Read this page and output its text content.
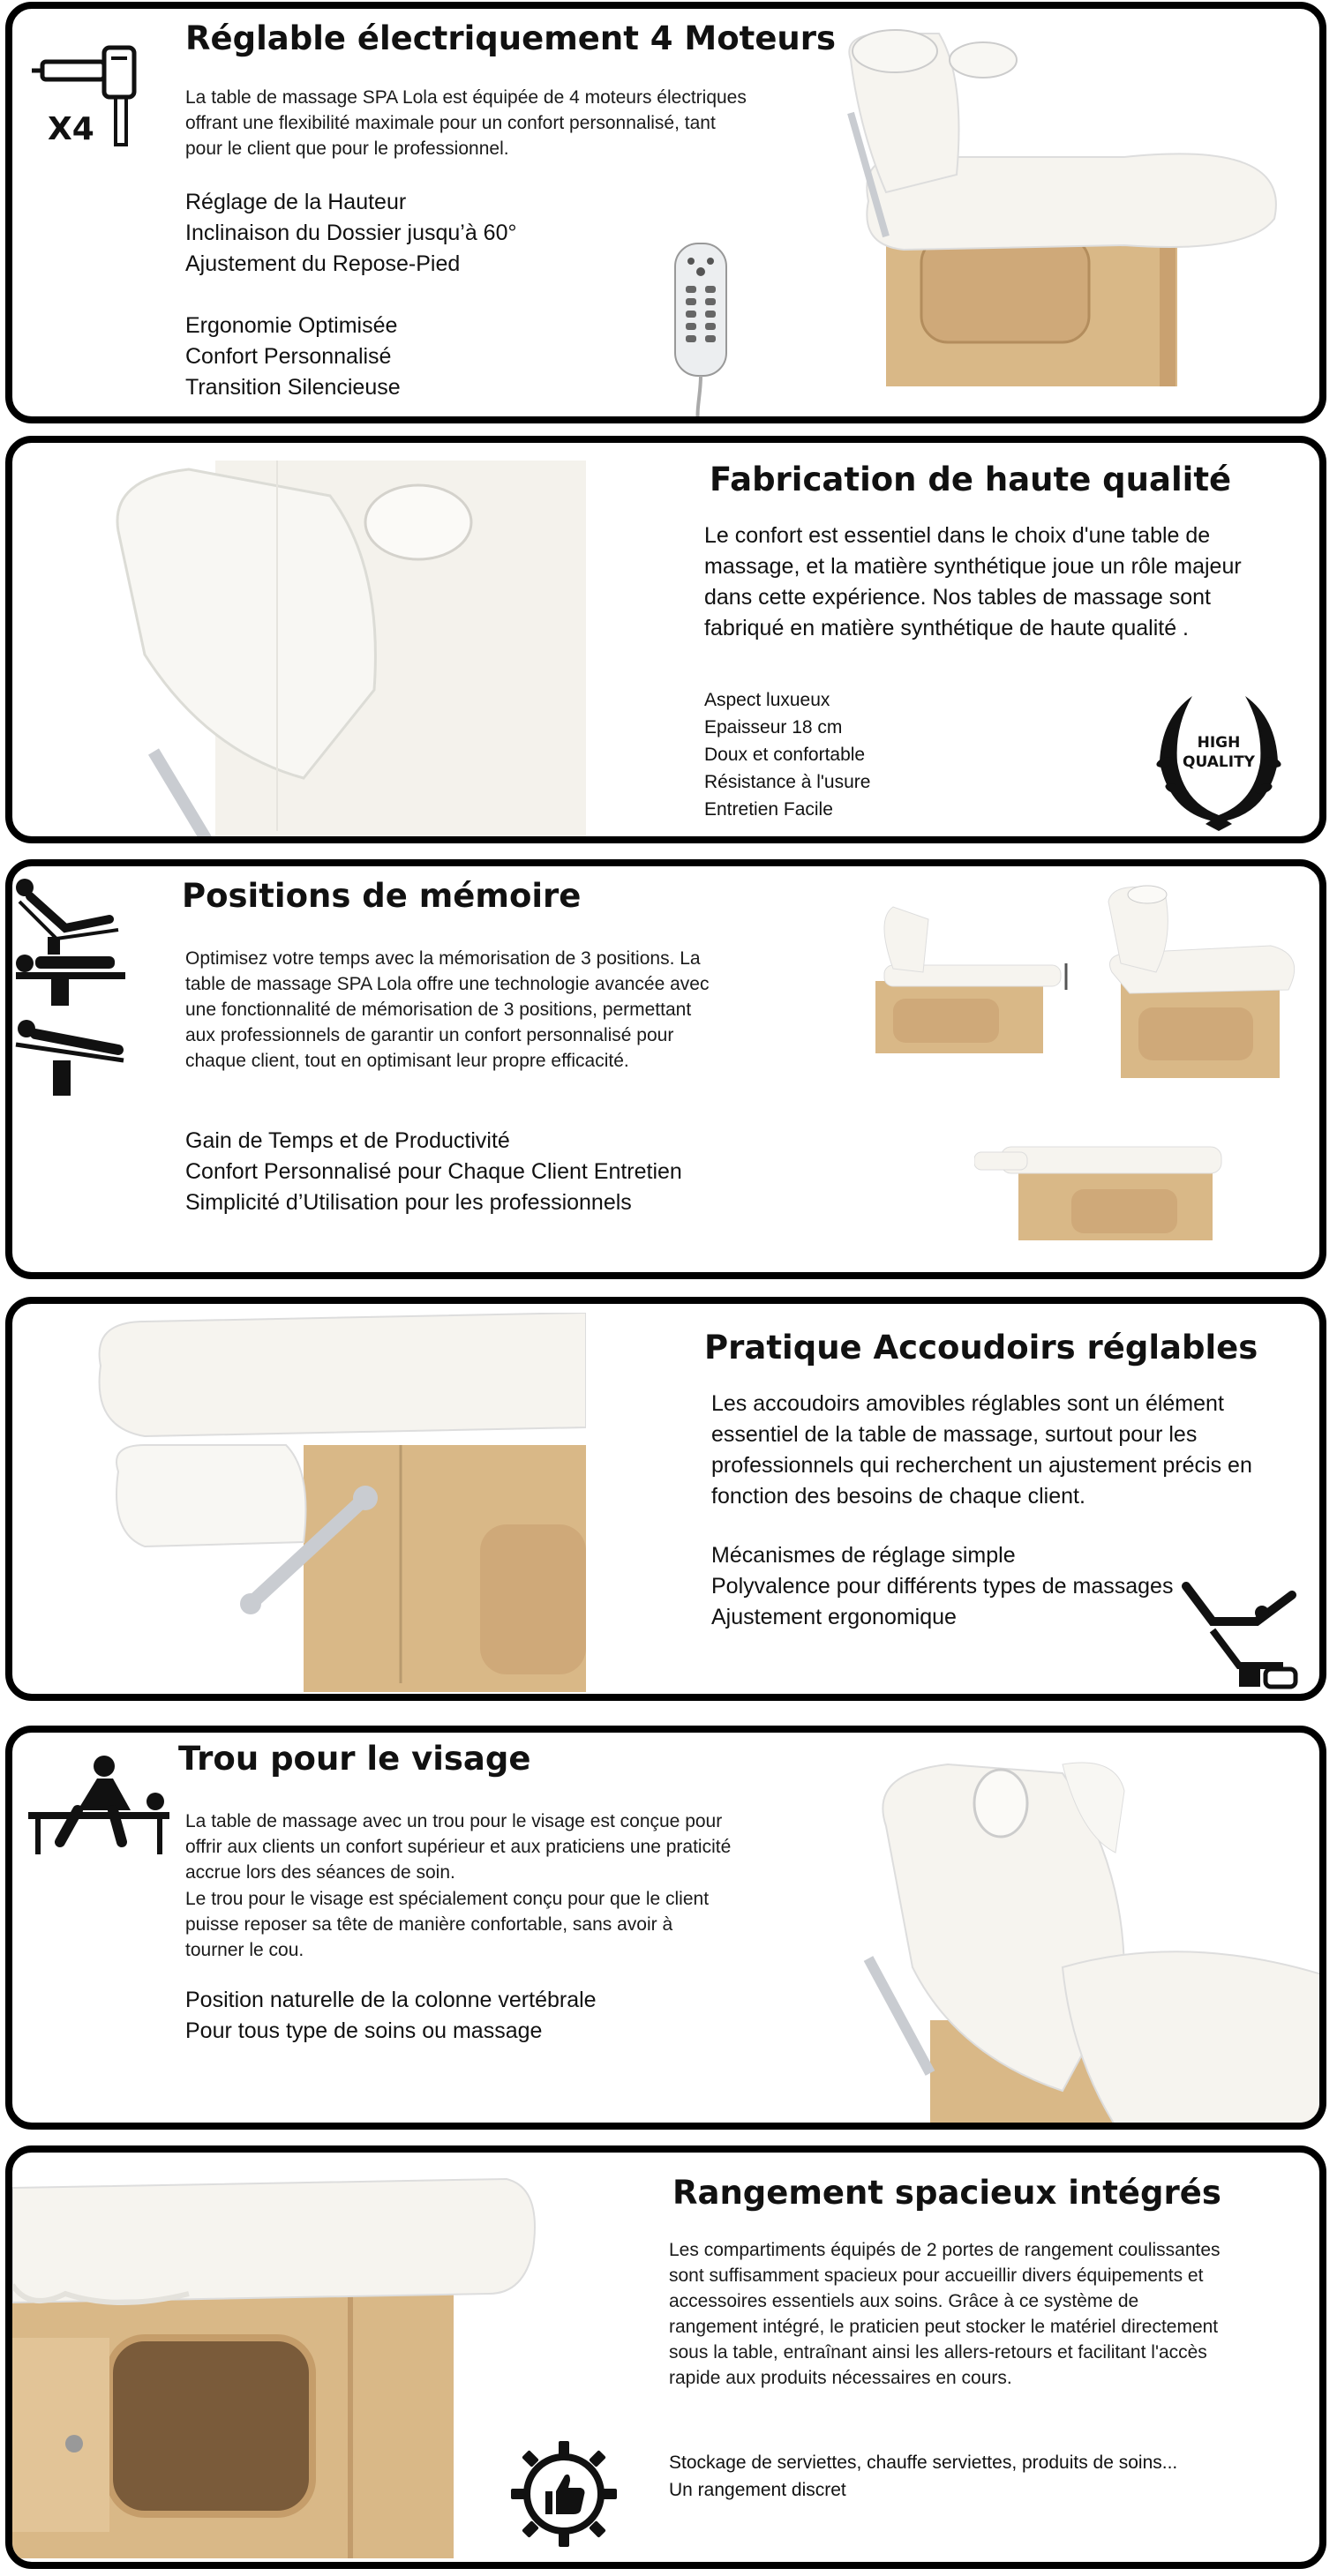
X4
Réglable électriquement 4 Moteurs

La table de massage SPA Lola est équipée de 4 moteurs électriques offrant une flexibilité maximale pour un confort personnalisé, tant pour le client que pour le professionnel.

Réglage de la Hauteur
Inclinaison du Dossier jusqu’à 60°
Ajustement du Repose-Pied
Ergonomie Optimisée
Confort Personnalisé
Transition Silencieuse
Fabrication de haute qualité

Le confort est essentiel dans le choix d'une table de massage, et la matière synthétique joue un rôle majeur dans cette expérience. Nos tables de massage sont fabriqué en matière synthétique de haute qualité .

Aspect luxueux
Epaisseur 18 cm
Doux et confortable
Résistance à l'usure
Entretien Facile
HIGH
QUALITY
Positions de mémoire

Optimisez votre temps avec la mémorisation de 3 positions. La table de massage SPA Lola offre une technologie avancée avec une fonctionnalité de mémorisation de 3 positions, permettant aux professionnels de garantir un confort personnalisé pour chaque client, tout en optimisant leur propre efficacité.

Gain de Temps et de Productivité
Confort Personnalisé pour Chaque Client Entretien
Simplicité d’Utilisation pour les professionnels
Pratique Accoudoirs réglables

Les accoudoirs amovibles réglables sont un élément essentiel de la table de massage, surtout pour les professionnels qui recherchent un ajustement précis en fonction des besoins de chaque client.

Mécanismes de réglage simple
Polyvalence pour différents types de massages
Ajustement ergonomique
Trou pour le visage

La table de massage avec un trou pour le visage est conçue pour offrir aux clients un confort supérieur et aux praticiens une praticité accrue lors des séances de soin.

Le trou pour le visage est spécialement conçu pour que le client puisse reposer sa tête de manière confortable, sans avoir à tourner le cou.

Position naturelle de la colonne vertébrale
Pour tous type de soins ou massage
Rangement spacieux intégrés

Les compartiments équipés de 2 portes de rangement coulissantes sont suffisamment spacieux pour accueillir divers équipements et accessoires essentiels aux soins. Grâce à ce système de rangement intégré, le praticien peut stocker le matériel directement sous la table, entraînant ainsi les allers-retours et facilitant l'accès rapide aux produits nécessaires en cours.

Stockage de serviettes, chauffe serviettes, produits de soins...
Un rangement discret
